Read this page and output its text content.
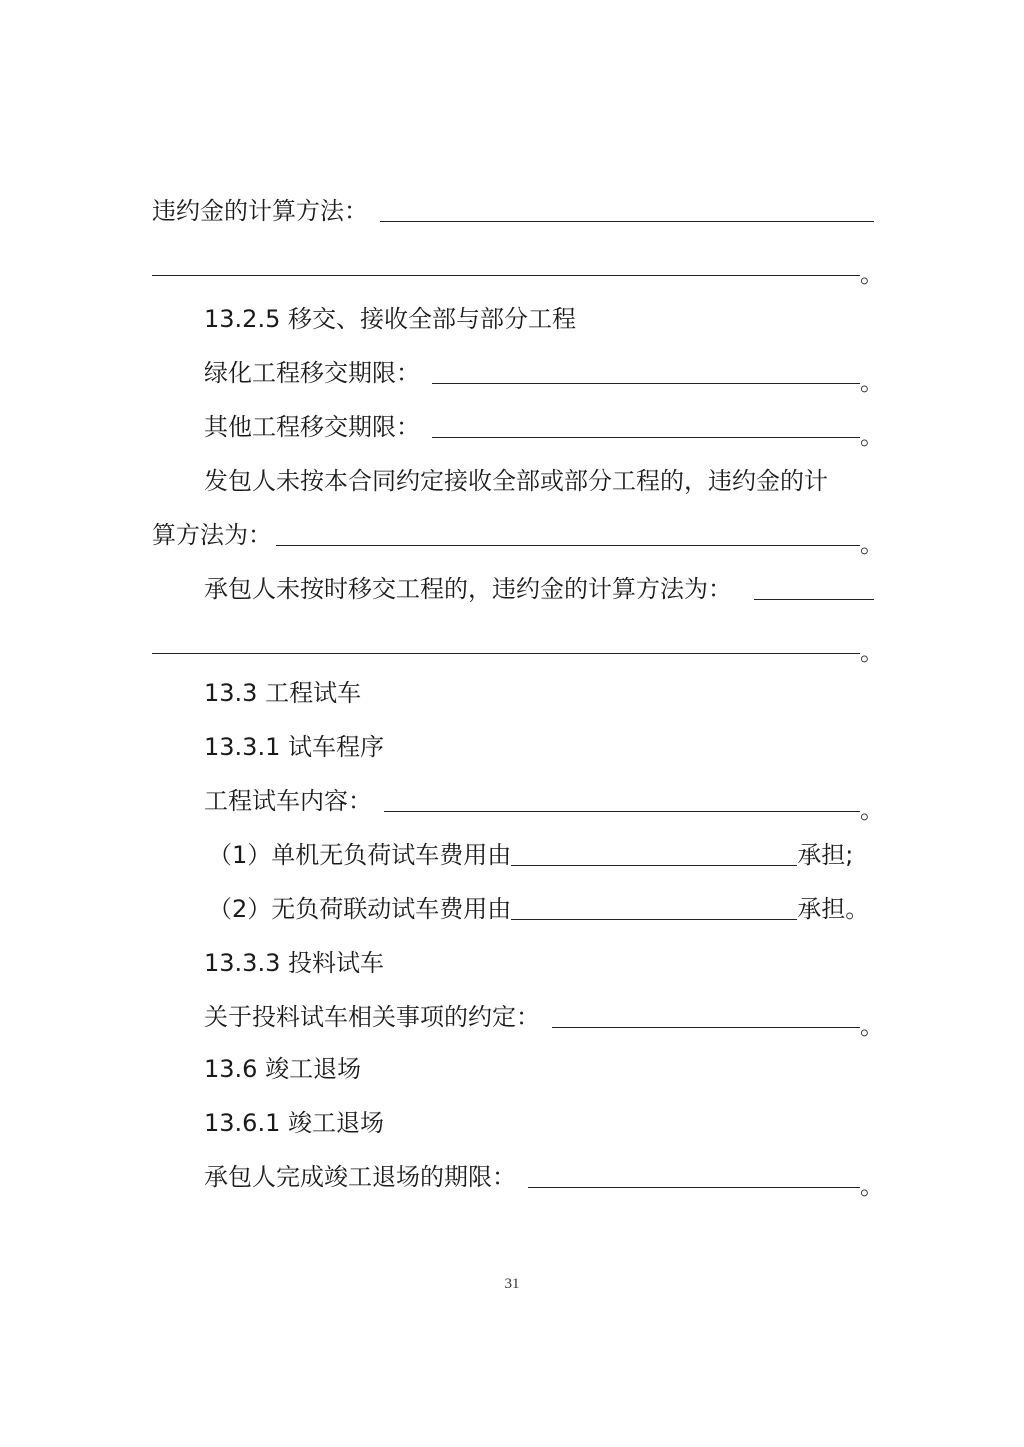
违约金的计算方法：
。
13.2.5 移交、接收全部与部分工程
绿化工程移交期限：	。
其他工程移交期限：	。
发包人未按本合同约定接收全部或部分工程的，违约金的计
算方法为：	。
承包人未按时移交工程的，违约金的计算方法为：
。
13.3 工程试车
13.3.1 试车程序
工程试车内容：	。
（1）单机无负荷试车费用由	承担;
（2）无负荷联动试车费用由	承担。
13.3.3 投料试车
关于投料试车相关事项的约定：	。
13.6 竣工退场
13.6.1 竣工退场
承包人完成竣工退场的期限：	。
31
